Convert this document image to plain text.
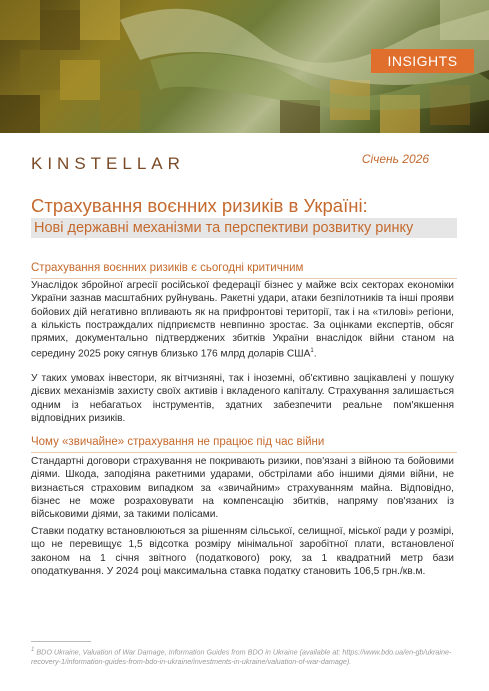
INSIGHTS
KINSTELLAR	Січень 2026
Страхування воєнних ризиків в Україні:
Нові державні механізми та перспективи розвитку ринку
Страхування воєнних ризиків є сьогодні критичним

Унаслідок збройної агресії російської федерації бізнес у майже всіх секторах економіки України зазнав масштабних руйнувань. Ракетні удари, атаки безпілотників та інші прояви бойових дій негативно впливають як на прифронтові території, так і на «тилові» регіони, а кількість постраждалих підприємств невпинно зростає. За оцінками експертів, обсяг прямих, документально підтверджених збитків України внаслідок війни станом на середину 2025 року сягнув близько 176 млрд доларів США$^1$.

У таких умовах інвестори, як вітчизняні, так і іноземні, об'єктивно зацікавлені у пошуку дієвих механізмів захисту своїх активів і вкладеного капіталу. Страхування залишається одним із небагатьох інструментів, здатних забезпечити реальне пом'якшення відповідних ризиків.

Чому «звичайне» страхування не працює під час війни

Стандартні договори страхування не покривають ризики, пов'язані з війною та бойовими діями. Шкода, заподіяна ракетними ударами, обстрілами або іншими діями війни, не визнається страховим випадком за «звичайним» страхуванням майна. Відповідно, бізнес не може розраховувати на компенсацію збитків, напряму пов'язаних із військовими діями, за такими полісами.

Ставки податку встановлюються за рішенням сільської, селищної, міської ради у розмірі, що не перевищує 1,5 відсотка розміру мінімальної заробітної плати, встановленої законом на 1 січня звітного (податкового) року, за 1 квадратний метр бази оподаткування. У 2024 році максимальна ставка податку становить 106,5 грн./кв.м.

$^1$ BDO Ukraine, Valuation of War Damage, Information Guides from BDO in Ukraine (available at: https://www.bdo.ua/en-gb/ukraine-recovery-1/information-guides-from-bdo-in-ukraine/investments-in-ukraine/valuation-of-war-damage).
